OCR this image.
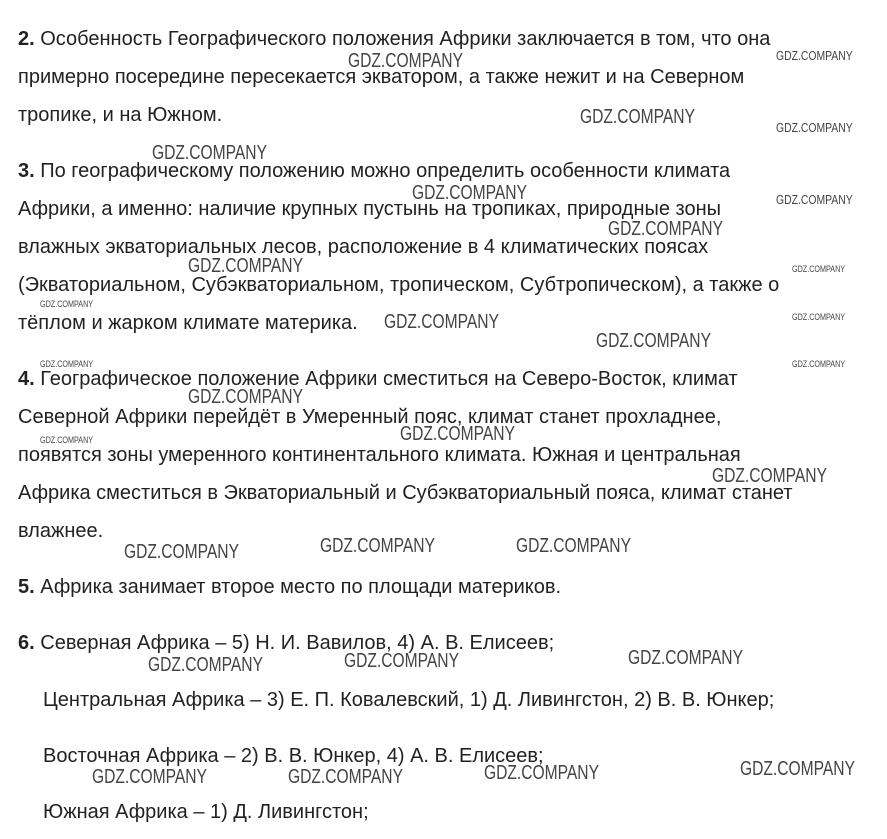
2. Особенность Географического положения Африки заключается в том, что она
примерно посередине пересекается экватором, а также нежит и на Северном
тропике, и на Южном.
3. По географическому положению можно определить особенности климата
Африки, а именно: наличие крупных пустынь на тропиках, природные зоны
влажных экваториальных лесов, расположение в 4 климатических поясах
(Экваториальном, Субэкваториальном, тропическом, Субтропическом), а также о
тёплом и жарком климате материка.
4. Географическое положение Африки сместиться на Северо-Восток, климат
Северной Африки перейдёт в Умеренный пояс, климат станет прохладнее,
появятся зоны умеренного континентального климата. Южная и центральная
Африка сместиться в Экваториальный и Субэкваториальный пояса, климат станет
влажнее.
5. Африка занимает второе место по площади материков.
6. Северная Африка – 5) Н. И. Вавилов, 4) А. В. Елисеев;
Центральная Африка – 3) Е. П. Ковалевский, 1) Д. Ливингстон, 2) В. В. Юнкер;
Восточная Африка – 2) В. В. Юнкер, 4) А. В. Елисеев;
Южная Африка – 1) Д. Ливингстон;
GDZ.COMPANY	GDZ.COMPANY
GDZ.COMPANY	GDZ.COMPANY
GDZ.COMPANY
GDZ.COMPANY	GDZ.COMPANY
GDZ.COMPANY
GDZ.COMPANY	GDZ.COMPANY
GDZ.COMPANY
GDZ.COMPANY	GDZ.COMPANY
GDZ.COMPANY
GDZ.COMPANY	GDZ.COMPANY
GDZ.COMPANY
GDZ.COMPANY	GDZ.COMPANY
GDZ.COMPANY
GDZ.COMPANY	GDZ.COMPANY	GDZ.COMPANY
GDZ.COMPANY	GDZ.COMPANY	GDZ.COMPANY
GDZ.COMPANY	GDZ.COMPANY	GDZ.COMPANY	GDZ.COMPANY
